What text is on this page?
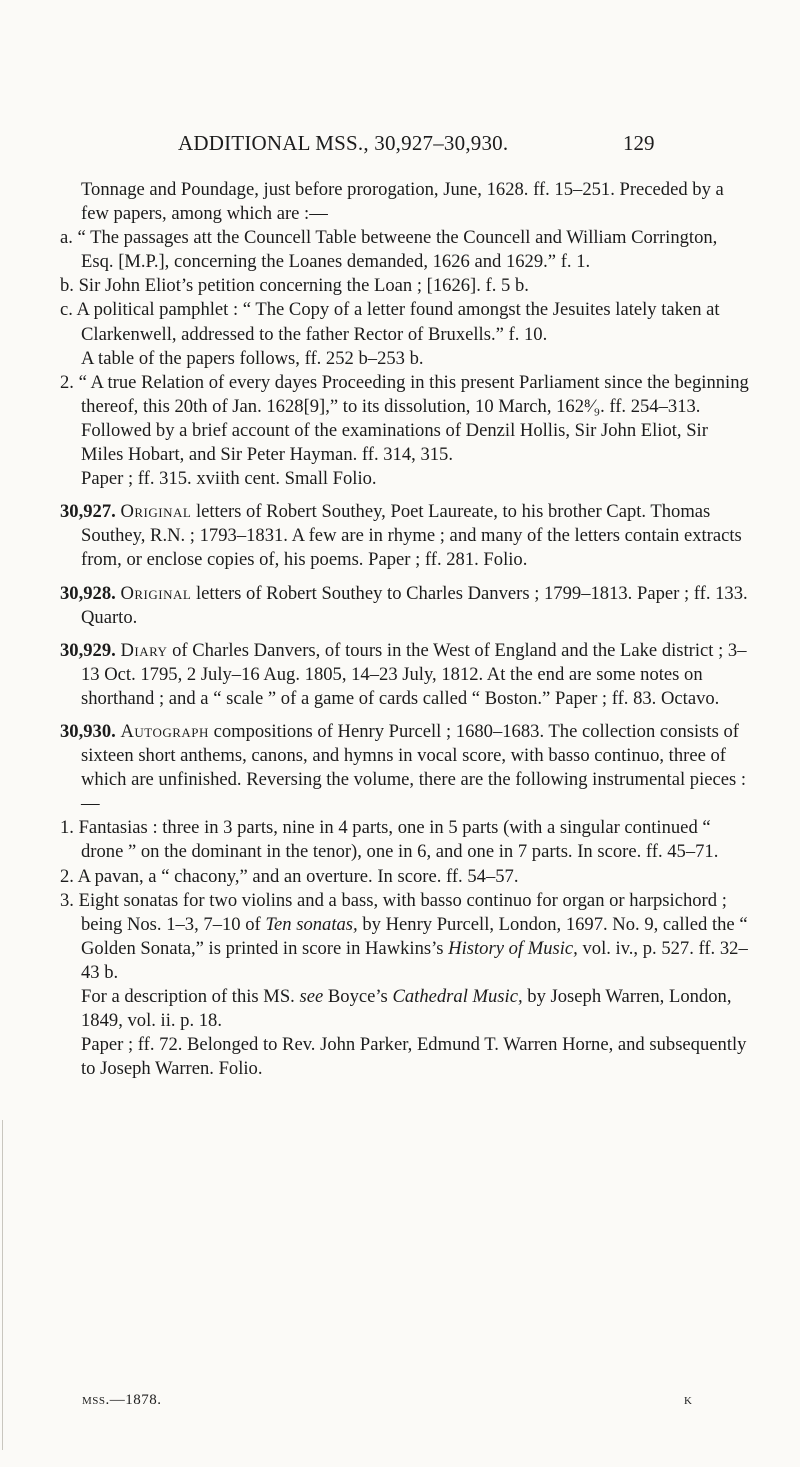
ADDITIONAL MSS., 30,927–30,930.	129

Tonnage and Poundage, just before prorogation, June, 1628. ff. 15–251. Preceded by a few papers, among which are :—

a. “ The passages att the Councell Table betweene the Councell and William Corrington, Esq. [M.P.], concerning the Loanes demanded, 1626 and 1629.” f. 1.

b. Sir John Eliot’s petition concerning the Loan ; [1626]. f. 5 b.

c. A political pamphlet : “ The Copy of a letter found amongst the Jesuites lately taken at Clarkenwell, addressed to the father Rector of Bruxells.” f. 10.

A table of the papers follows, ff. 252 b–253 b.

2. “ A true Relation of every dayes Proceeding in this present Parliament since the beginning thereof, this 20th of Jan. 1628[9],” to its dissolution, 10 March, 162⁸⁄₉. ff. 254–313. Followed by a brief account of the examinations of Denzil Hollis, Sir John Eliot, Sir Miles Hobart, and Sir Peter Hayman. ff. 314, 315.

Paper ; ff. 315. xviith cent. Small Folio.

30,927. Original letters of Robert Southey, Poet Laureate, to his brother Capt. Thomas Southey, R.N. ; 1793–1831. A few are in rhyme ; and many of the letters contain extracts from, or enclose copies of, his poems. Paper ; ff. 281. Folio.

30,928. Original letters of Robert Southey to Charles Danvers ; 1799–1813. Paper ; ff. 133. Quarto.

30,929. Diary of Charles Danvers, of tours in the West of England and the Lake district ; 3–13 Oct. 1795, 2 July–16 Aug. 1805, 14–23 July, 1812. At the end are some notes on shorthand ; and a “ scale ” of a game of cards called “ Boston.” Paper ; ff. 83. Octavo.

30,930. Autograph compositions of Henry Purcell ; 1680–1683. The collection consists of sixteen short anthems, canons, and hymns in vocal score, with basso continuo, three of which are unfinished. Reversing the volume, there are the following instrumental pieces :—

1. Fantasias : three in 3 parts, nine in 4 parts, one in 5 parts (with a singular continued “ drone ” on the dominant in the tenor), one in 6, and one in 7 parts. In score. ff. 45–71.

2. A pavan, a “ chacony,” and an overture. In score. ff. 54–57.

3. Eight sonatas for two violins and a bass, with basso continuo for organ or harpsichord ; being Nos. 1–3, 7–10 of Ten sonatas, by Henry Purcell, London, 1697. No. 9, called the “ Golden Sonata,” is printed in score in Hawkins’s History of Music, vol. iv., p. 527. ff. 32–43 b.

For a description of this MS. see Boyce’s Cathedral Music, by Joseph Warren, London, 1849, vol. ii. p. 18.

Paper ; ff. 72. Belonged to Rev. John Parker, Edmund T. Warren Horne, and subsequently to Joseph Warren. Folio.

mss.—1878.	k
